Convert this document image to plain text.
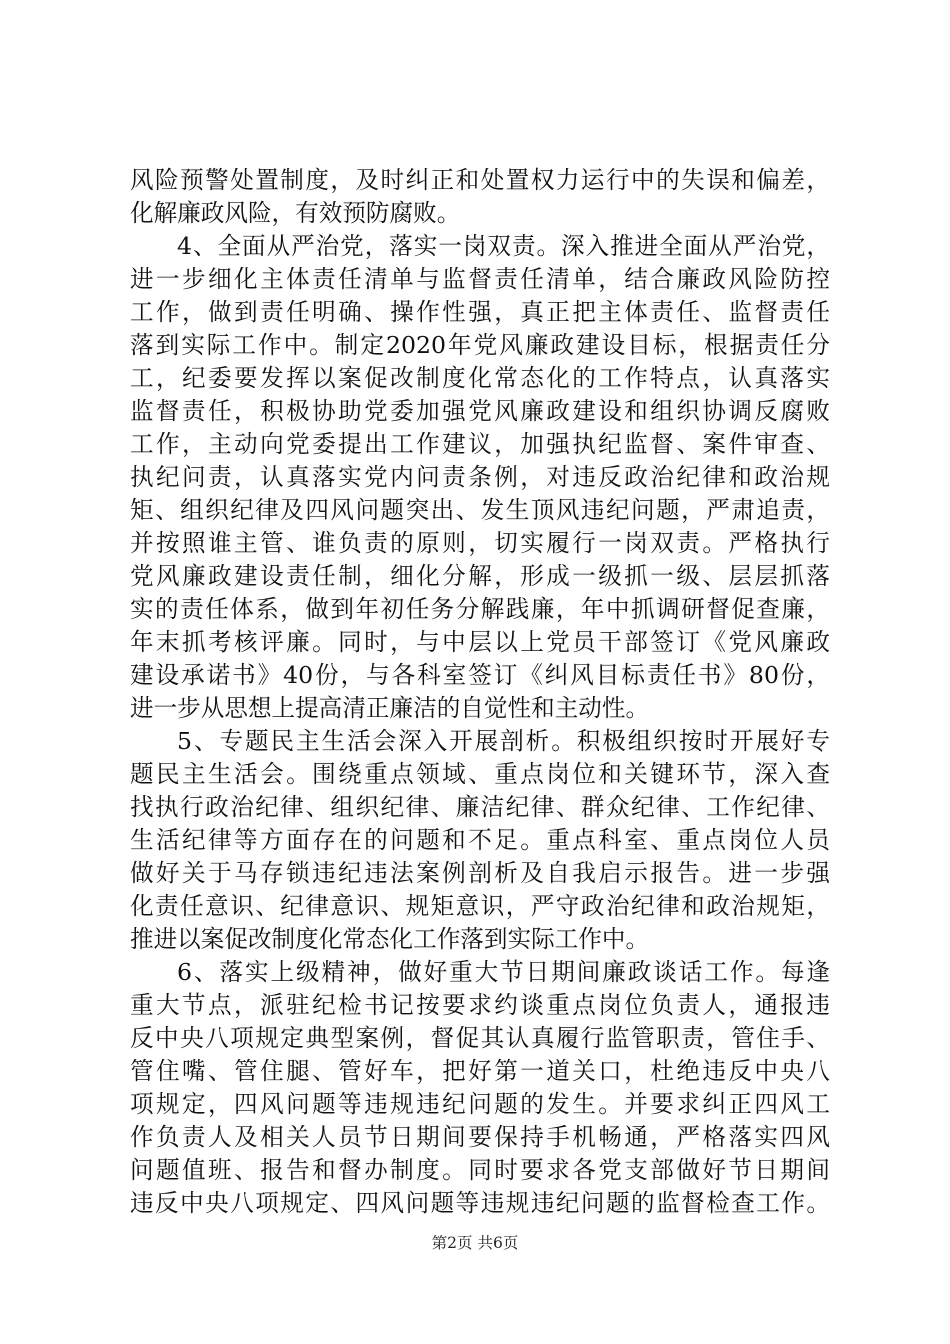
风险预警处置制度，及时纠正和处置权力运行中的失误和偏差，
化解廉政风险，有效预防腐败。
4、全面从严治党，落实一岗双责。深入推进全面从严治党，
进一步细化主体责任清单与监督责任清单，结合廉政风险防控
工作，做到责任明确、操作性强，真正把主体责任、监督责任
落到实际工作中。制定2020年党风廉政建设目标，根据责任分
工，纪委要发挥以案促改制度化常态化的工作特点，认真落实
监督责任，积极协助党委加强党风廉政建设和组织协调反腐败
工作，主动向党委提出工作建议，加强执纪监督、案件审查、
执纪问责，认真落实党内问责条例，对违反政治纪律和政治规
矩、组织纪律及四风问题突出、发生顶风违纪问题，严肃追责，
并按照谁主管、谁负责的原则，切实履行一岗双责。严格执行
党风廉政建设责任制，细化分解，形成一级抓一级、层层抓落
实的责任体系，做到年初任务分解践廉，年中抓调研督促查廉，
年末抓考核评廉。同时，与中层以上党员干部签订《党风廉政
建设承诺书》40份，与各科室签订《纠风目标责任书》80份，
进一步从思想上提高清正廉洁的自觉性和主动性。
5、专题民主生活会深入开展剖析。积极组织按时开展好专
题民主生活会。围绕重点领域、重点岗位和关键环节，深入查
找执行政治纪律、组织纪律、廉洁纪律、群众纪律、工作纪律、
生活纪律等方面存在的问题和不足。重点科室、重点岗位人员
做好关于马存锁违纪违法案例剖析及自我启示报告。进一步强
化责任意识、纪律意识、规矩意识，严守政治纪律和政治规矩，
推进以案促改制度化常态化工作落到实际工作中。
6、落实上级精神，做好重大节日期间廉政谈话工作。每逢
重大节点，派驻纪检书记按要求约谈重点岗位负责人，通报违
反中央八项规定典型案例，督促其认真履行监管职责，管住手、
管住嘴、管住腿、管好车，把好第一道关口，杜绝违反中央八
项规定，四风问题等违规违纪问题的发生。并要求纠正四风工
作负责人及相关人员节日期间要保持手机畅通，严格落实四风
问题值班、报告和督办制度。同时要求各党支部做好节日期间
违反中央八项规定、四风问题等违规违纪问题的监督检查工作。
第2页 共6页
